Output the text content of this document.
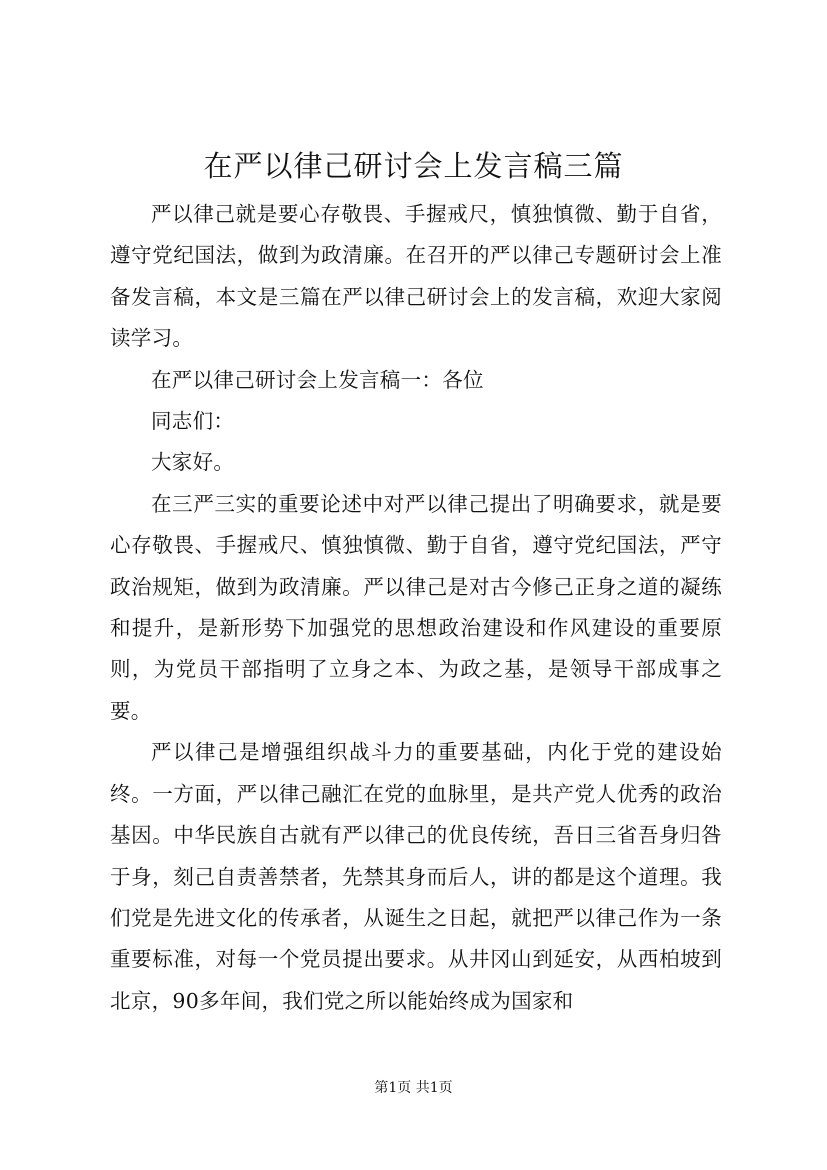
在严以律己研讨会上发言稿三篇

严以律己就是要心存敬畏、手握戒尺，慎独慎微、勤于自省，遵守党纪国法，做到为政清廉。在召开的严以律己专题研讨会上准备发言稿，本文是三篇在严以律己研讨会上的发言稿，欢迎大家阅读学习。

在严以律己研讨会上发言稿一：各位

同志们：

大家好。

在三严三实的重要论述中对严以律己提出了明确要求，就是要心存敬畏、手握戒尺、慎独慎微、勤于自省，遵守党纪国法，严守政治规矩，做到为政清廉。严以律己是对古今修己正身之道的凝练和提升，是新形势下加强党的思想政治建设和作风建设的重要原则，为党员干部指明了立身之本、为政之基，是领导干部成事之要。

严以律己是增强组织战斗力的重要基础，内化于党的建设始终。一方面，严以律己融汇在党的血脉里，是共产党人优秀的政治基因。中华民族自古就有严以律己的优良传统，吾日三省吾身归咎于身，刻己自责善禁者，先禁其身而后人，讲的都是这个道理。我们党是先进文化的传承者，从诞生之日起，就把严以律己作为一条重要标准，对每一个党员提出要求。从井冈山到延安，从西柏坡到北京，90多年间，我们党之所以能始终成为国家和

第1页 共1页
